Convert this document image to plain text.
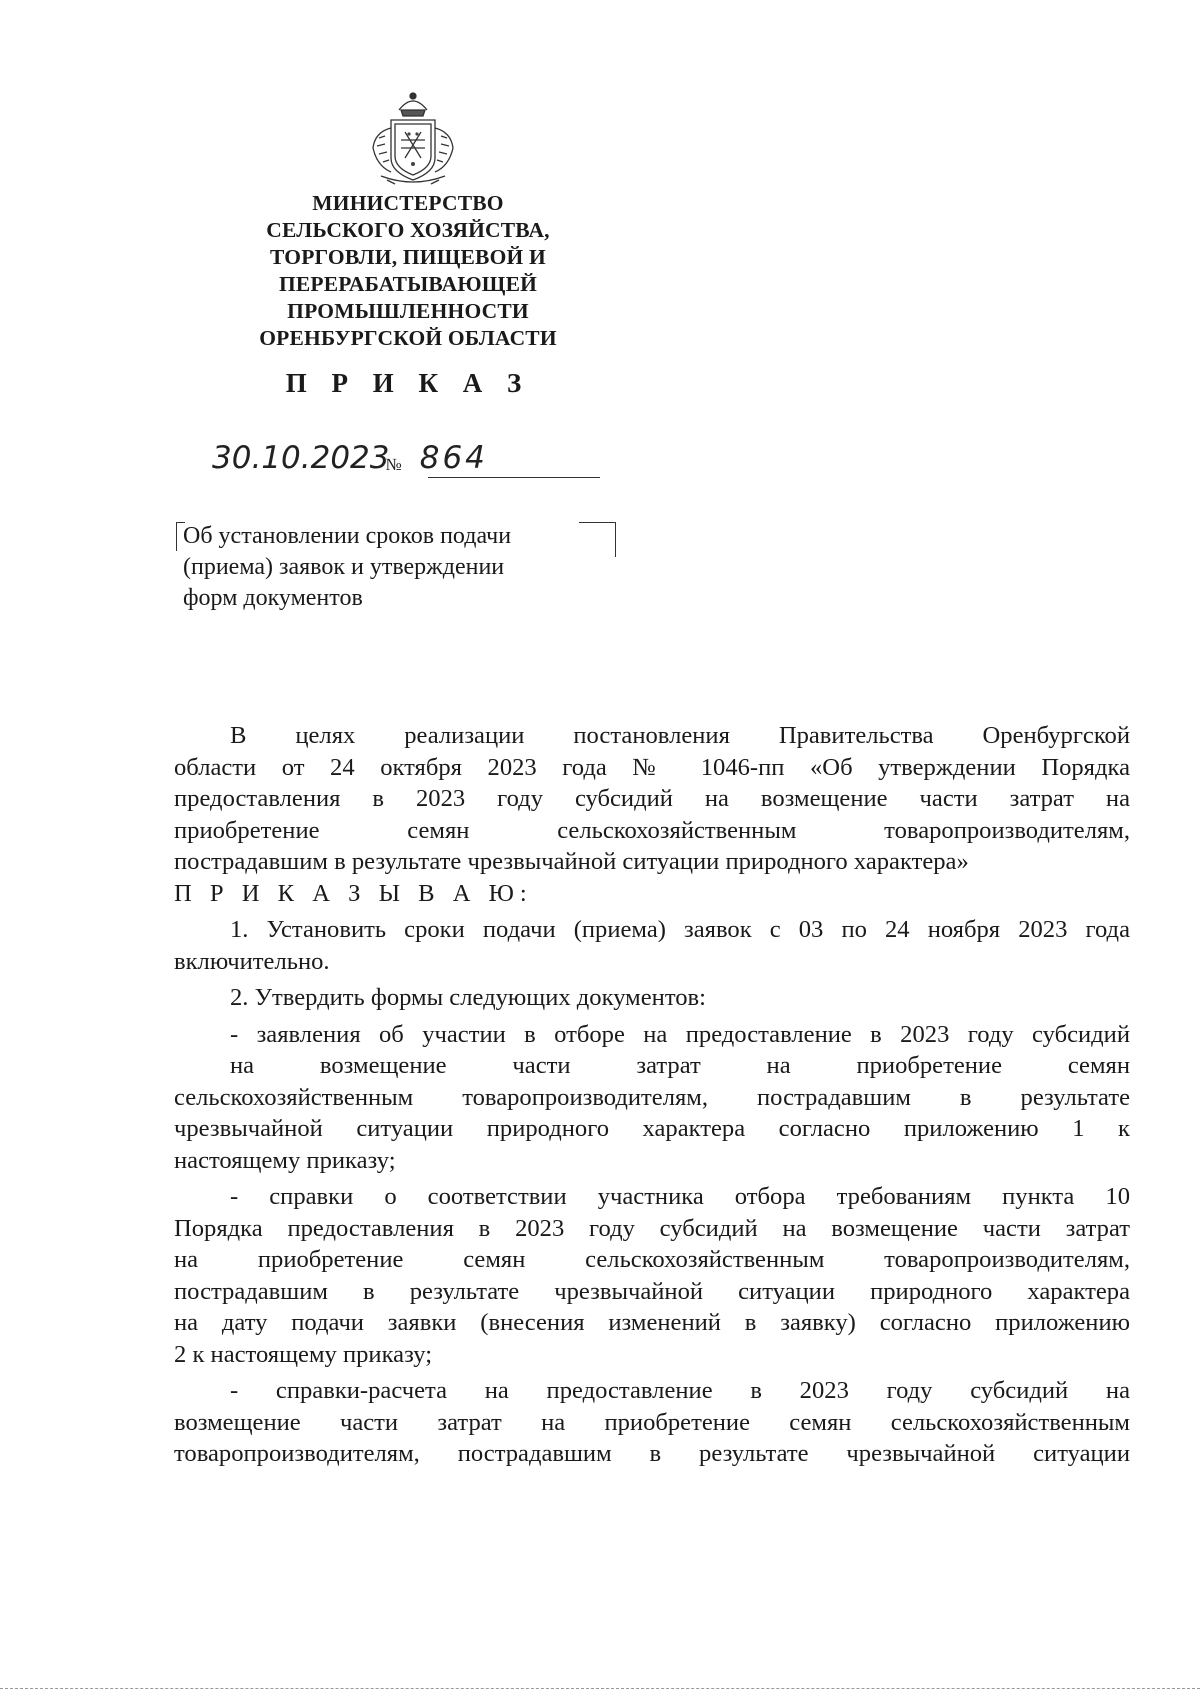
МИНИСТЕРСТВО
СЕЛЬСКОГО ХОЗЯЙСТВА,
ТОРГОВЛИ, ПИЩЕВОЙ И
ПЕРЕРАБАТЫВАЮЩЕЙ
ПРОМЫШЛЕННОСТИ
ОРЕНБУРГСКОЙ ОБЛАСТИ
П Р И К А З
30.10.2023№ 864
Об установлении сроков подачи
(приема) заявок и утверждении
форм документов
В целях реализации постановления Правительства Оренбургской
области от 24 октября 2023 года № 1046-пп «Об утверждении Порядка
предоставления в 2023 году субсидий на возмещение части затрат на
приобретение семян сельскохозяйственным товаропроизводителям,
пострадавшим в результате чрезвычайной ситуации природного характера»
П Р И К А З Ы В А Ю:
1. Установить сроки подачи (приема) заявок с 03 по 24 ноября 2023 года
включительно.
2. Утвердить формы следующих документов:
- заявления об участии в отборе на предоставление в 2023 году субсидий
на возмещение части затрат на приобретение семян
сельскохозяйственным товаропроизводителям, пострадавшим в результате
чрезвычайной ситуации природного характера согласно приложению 1 к
настоящему приказу;
- справки о соответствии участника отбора требованиям пункта 10
Порядка предоставления в 2023 году субсидий на возмещение части затрат
на приобретение семян сельскохозяйственным товаропроизводителям,
пострадавшим в результате чрезвычайной ситуации природного характера
на дату подачи заявки (внесения изменений в заявку) согласно приложению
2 к настоящему приказу;
- справки-расчета на предоставление в 2023 году субсидий на
возмещение части затрат на приобретение семян сельскохозяйственным
товаропроизводителям, пострадавшим в результате чрезвычайной ситуации
